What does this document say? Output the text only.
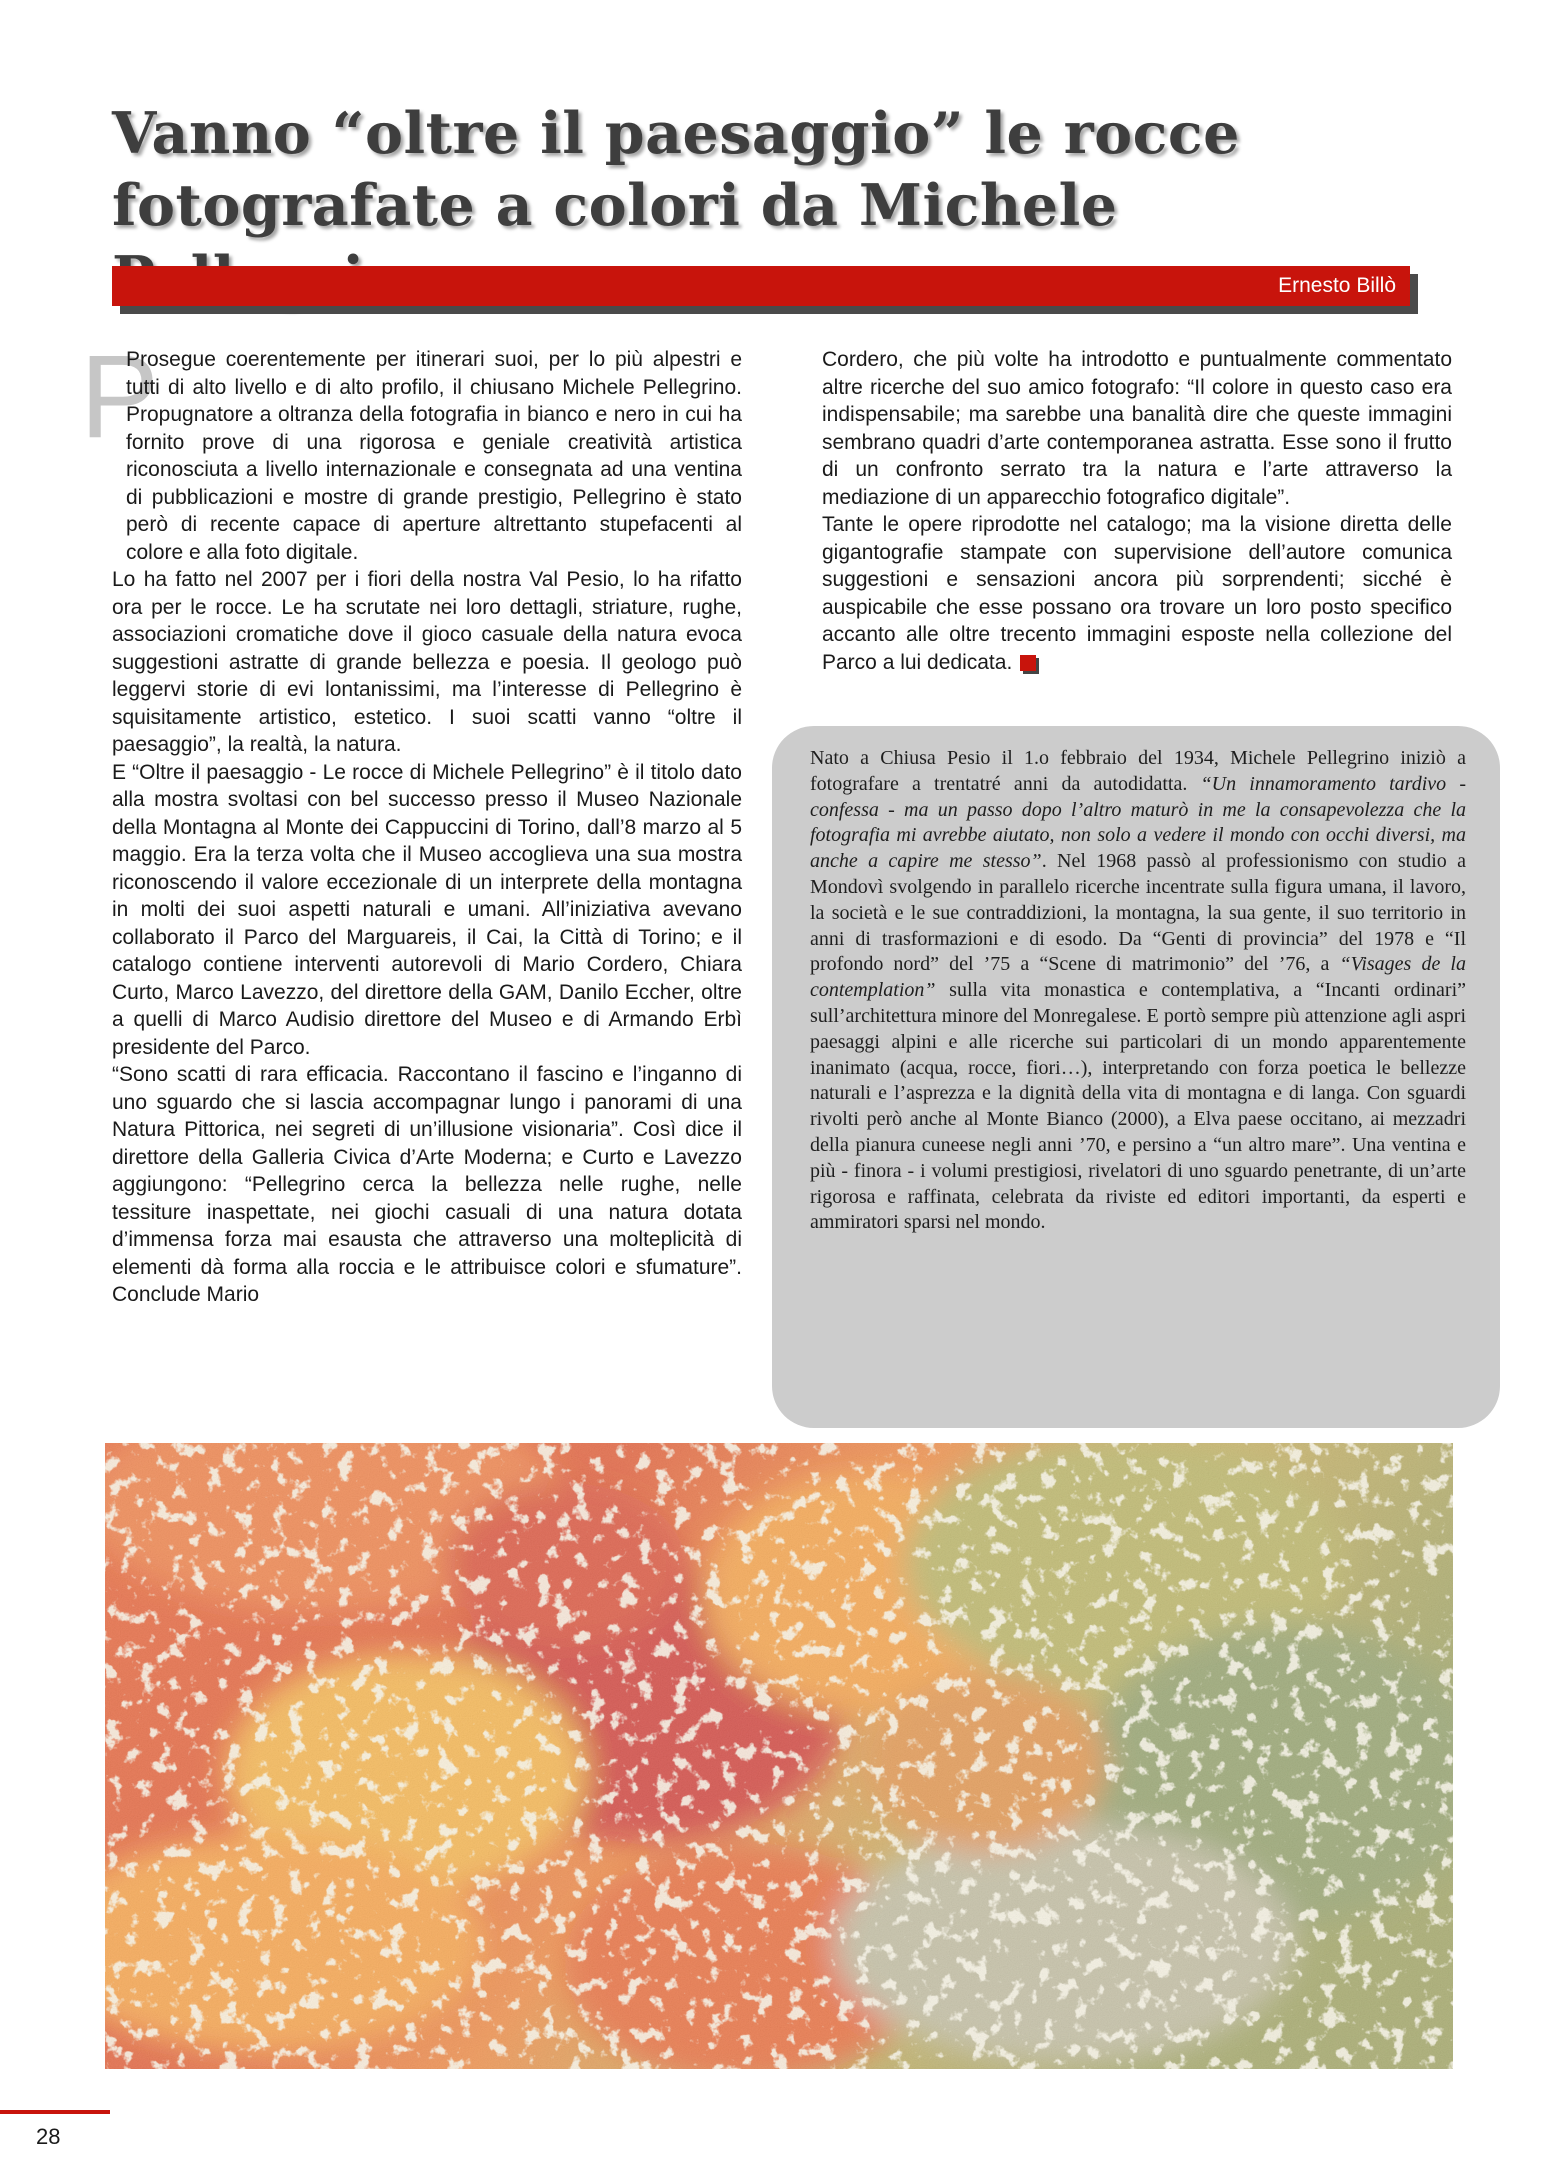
Vanno “oltre il paesaggio” le rocce
fotografate a colori da Michele

Ernesto Billò

P

Prosegue coerentemente per itinerari suoi, per lo più alpestri e tutti di alto livello e di alto profilo, il chiusano Michele Pellegrino. Propugnatore a oltranza della fotografia in bianco e nero in cui ha fornito prove di una rigorosa e geniale creatività artistica riconosciuta a livello internazionale e consegnata ad una ventina di pubblicazioni e mostre di grande prestigio, Pellegrino è stato però di recente capace di aperture altrettanto stupefacenti al colore e alla foto digitale.

Lo ha fatto nel 2007 per i fiori della nostra Val Pesio, lo ha rifatto ora per le rocce. Le ha scrutate nei loro dettagli, striature, rughe, associazioni cromatiche dove il gioco casuale della natura evoca suggestioni astratte di grande bellezza e poesia. Il geologo può leggervi storie di evi lontanissimi, ma l’interesse di Pellegrino è squisitamente artistico, estetico. I suoi scatti vanno “oltre il paesaggio”, la realtà, la natura.

E “Oltre il paesaggio - Le rocce di Michele Pellegrino” è il titolo dato alla mostra svoltasi con bel successo presso il Museo Nazionale della Montagna al Monte dei Cappuccini di Torino, dall’8 marzo al 5 maggio. Era la terza volta che il Museo accoglieva una sua mostra riconoscendo il valore eccezionale di un interprete della montagna in molti dei suoi aspetti naturali e umani. All’iniziativa avevano collaborato il Parco del Marguareis, il Cai, la Città di Torino; e il catalogo contiene interventi autorevoli di Mario Cordero, Chiara Curto, Marco Lavezzo, del direttore della GAM, Danilo Eccher, oltre a quelli di Marco Audisio direttore del Museo e di Armando Erbì presidente del Parco.

“Sono scatti di rara efficacia. Raccontano il fascino e l’inganno di uno sguardo che si lascia accompagnar lungo i panorami di una Natura Pittorica, nei segreti di un’illusione visionaria”. Così dice il direttore della Galleria Civica d’Arte Moderna; e Curto e Lavezzo aggiungono: “Pellegrino cerca la bellezza nelle rughe, nelle tessiture inaspettate, nei giochi casuali di una natura dotata d’immensa forza mai esausta che attraverso una molteplicità di elementi dà forma alla roccia e le attribuisce colori e sfumature”. Conclude Mario

Cordero, che più volte ha introdotto e puntualmente commentato altre ricerche del suo amico fotografo: “Il colore in questo caso era indispensabile; ma sarebbe una banalità dire che queste immagini sembrano quadri d’arte contemporanea astratta. Esse sono il frutto di un confronto serrato tra la natura e l’arte attraverso la mediazione di un apparecchio fotografico digitale”.

Tante le opere riprodotte nel catalogo; ma la visione diretta delle gigantografie stampate con supervisione dell’autore comunica suggestioni e sensazioni ancora più sorprendenti; sicché è auspicabile che esse possano ora trovare un loro posto specifico accanto alle oltre trecento immagini esposte nella collezione del Parco a lui dedicata.

Nato a Chiusa Pesio il 1.o febbraio del 1934, Michele Pellegrino iniziò a fotografare a trentatré anni da autodidatta. “Un innamoramento tardivo - confessa - ma un passo dopo l’altro maturò in me la consapevolezza che la fotografia mi avrebbe aiutato, non solo a vedere il mondo con occhi diversi, ma anche a capire me stesso”. Nel 1968 passò al professionismo con studio a Mondovì svolgendo in parallelo ricerche incentrate sulla figura umana, il lavoro, la società e le sue contraddizioni, la montagna, la sua gente, il suo territorio in anni di trasformazioni e di esodo. Da “Genti di provincia” del 1978 e “Il profondo nord” del ’75 a “Scene di matrimonio” del ’76, a “Visages de la contemplation” sulla vita monastica e contemplativa, a “Incanti ordinari” sull’architettura minore del Monregalese. E portò sempre più attenzione agli aspri paesaggi alpini e alle ricerche sui particolari di un mondo apparentemente inanimato (acqua, rocce, fiori…), interpretando con forza poetica le bellezze naturali e l’asprezza e la dignità della vita di montagna e di langa. Con sguardi rivolti però anche al Monte Bianco (2000), a Elva paese occitano, ai mezzadri della pianura cuneese negli anni ’70, e persino a “un altro mare”. Una ventina e più - finora - i volumi prestigiosi, rivelatori di uno sguardo penetrante, di un’arte rigorosa e raffinata, celebrata da riviste ed editori importanti, da esperti e ammiratori sparsi nel mondo.

28
